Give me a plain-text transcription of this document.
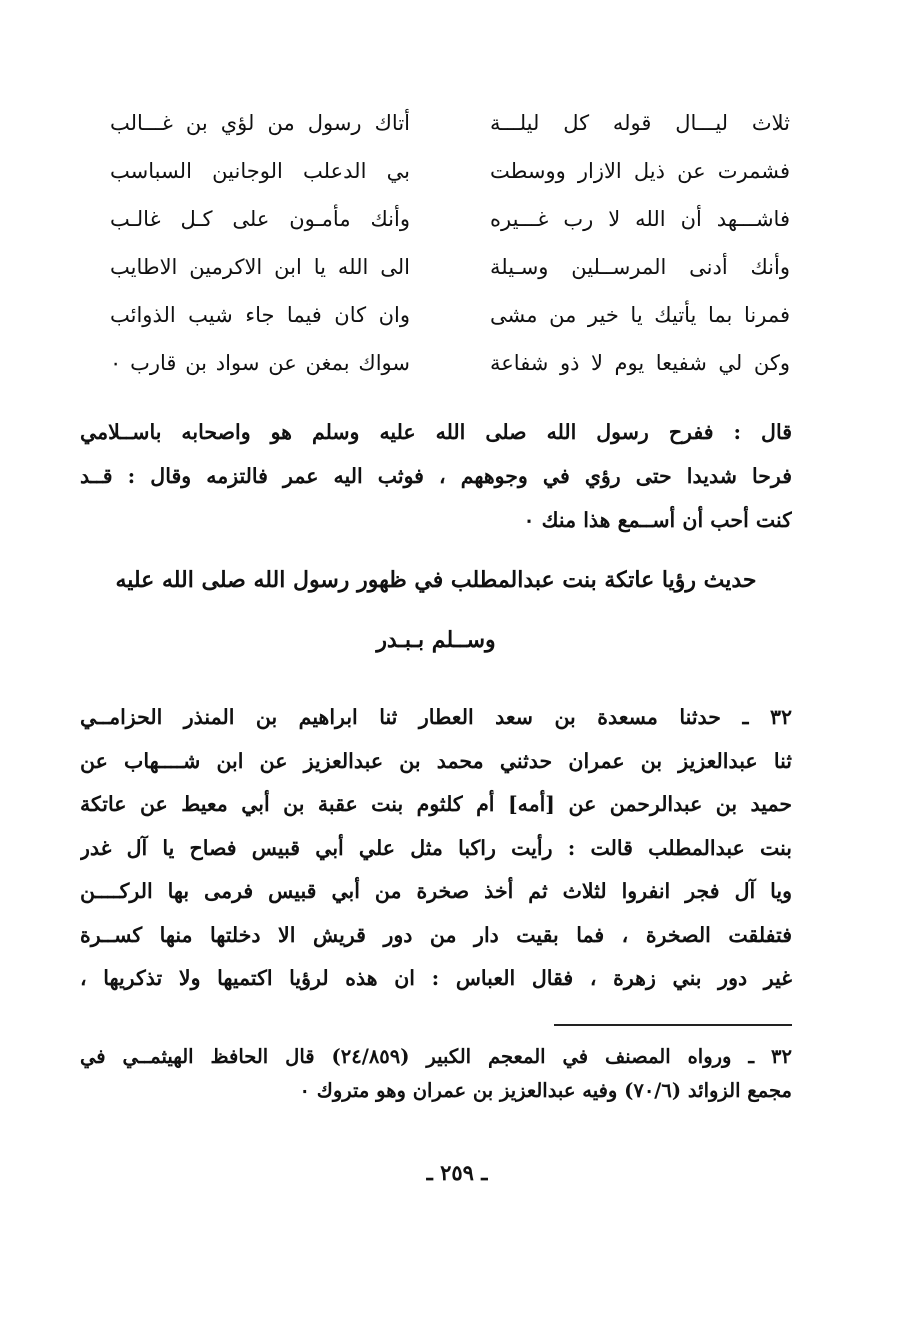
ثلاث ليـــال قوله كل ليلـــة
أتاك رسول من لؤي بن غـــالب
فشمرت عن ذيل الازار ووسطت
بي الدعلب الوجانين السباسب
فاشـــهد أن الله لا رب غـــيره
وأنك مأمـون على كـل غالـب
وأنك أدنى المرســلين وسـيلة
الى الله يا ابن الاكرمين الاطايب
فمرنا بما يأتيك يا خير من مشى
وان كان فيما جاء شيب الذوائب
وكن لي شفيعا يوم لا ذو شفاعة
سواك بمغن عن سواد بن قارب ٠
قال : ففرح رسول الله صلى الله عليه وسلم هو واصحابه باســلامي
فرحا شديدا حتى رؤي في وجوههم ، فوثب اليه عمر فالتزمه وقال : قــد
كنت أحب أن أســمع هذا منك ٠
حديث رؤيا عاتكة بنت عبدالمطلب في ظهور رسول الله صلى الله عليه
وســلم بـبـدر
٣٢ ـ حدثنا مسعدة بن سعد العطار ثنا ابراهيم بن المنذر الحزامــي
ثنا عبدالعزيز بن عمران حدثني محمد بن عبدالعزيز عن ابن شــــهاب عن
حميد بن عبدالرحمن عن [أمه] أم كلثوم بنت عقبة بن أبي معيط عن عاتكة
بنت عبدالمطلب قالت : رأيت راكبا مثل علي أبي قبيس فصاح يا آل غدر
ويا آل فجر انفروا لثلاث ثم أخذ صخرة من أبي قبيس فرمى بها الركــــن
فتفلقت الصخرة ، فما بقيت دار من دور قريش الا دخلتها منها كســرة
غير دور بني زهرة ، فقال العباس : ان هذه لرؤيا اكتميها ولا تذكريها ،
٣٢ ـ ورواه المصنف في المعجم الكبير (٢٤/٨٥٩) قال الحافظ الهيثمــي في
مجمع الزوائد (٧٠/٦) وفيه عبدالعزيز بن عمران وهو متروك ٠
ـ ٢٥٩ ـ
